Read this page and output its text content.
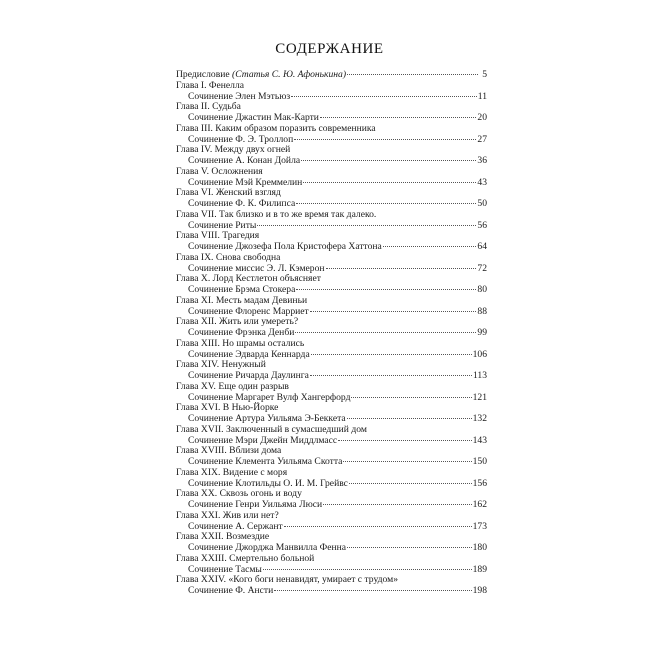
СОДЕРЖАНИЕ
Предисловие (Статья С. Ю. Афонькина)	5
Глава I. Фенелла
Сочинение Элен Мэтьюз	11
Глава II. Судьба
Сочинение Джастин Мак-Карти	20
Глава III. Каким образом поразить современника
Сочинение Ф. Э. Троллоп	27
Глава IV. Между двух огней
Сочинение А. Конан Дойла	36
Глава V. Осложнения
Сочинение Мэй Креммелин	43
Глава VI. Женский взгляд
Сочинение Ф. К. Филипса	50
Глава VII. Так близко и в то же время так далеко.
Сочинение Риты	56
Глава VIII. Трагедия
Сочинение Джозефа Пола Кристофера Хаттона	64
Глава IX. Снова свободна
Сочинение миссис Э. Л. Кэмерон	72
Глава X. Лорд Кестлетон объясняет
Сочинение Брэма Стокера	80
Глава XI. Месть мадам Девиньи
Сочинение Флоренс Марриет	88
Глава XII. Жить или умереть?
Сочинение Фрэнка Денби	99
Глава XIII. Но шрамы остались
Сочинение Эдварда Кеннарда	106
Глава XIV. Ненужный
Сочинение Ричарда Даулинга	113
Глава XV. Еще один разрыв
Сочинение Маргарет Вулф Хангерфорд	121
Глава XVI. В Нью-Йорке
Сочинение Артура Уильяма Э-Беккета	132
Глава XVII. Заключенный в сумасшедший дом
Сочинение Мэри Джейн Миддлмасс	143
Глава XVIII. Вблизи дома
Сочинение Клемента Уильяма Скотта	150
Глава XIX. Видение с моря
Сочинение Клотильды О. И. М. Грейвс	156
Глава XX. Сквозь огонь и воду
Сочинение Генри Уильяма Люси	162
Глава XXI. Жив или нет?
Сочинение А. Сержант	173
Глава XXII. Возмездие
Сочинение Джорджа Манвилла Фенна	180
Глава XXIII. Смертельно больной
Сочинение Тасмы	189
Глава XXIV. «Кого боги ненавидят, умирает с трудом»
Сочинение Ф. Ансти	198
